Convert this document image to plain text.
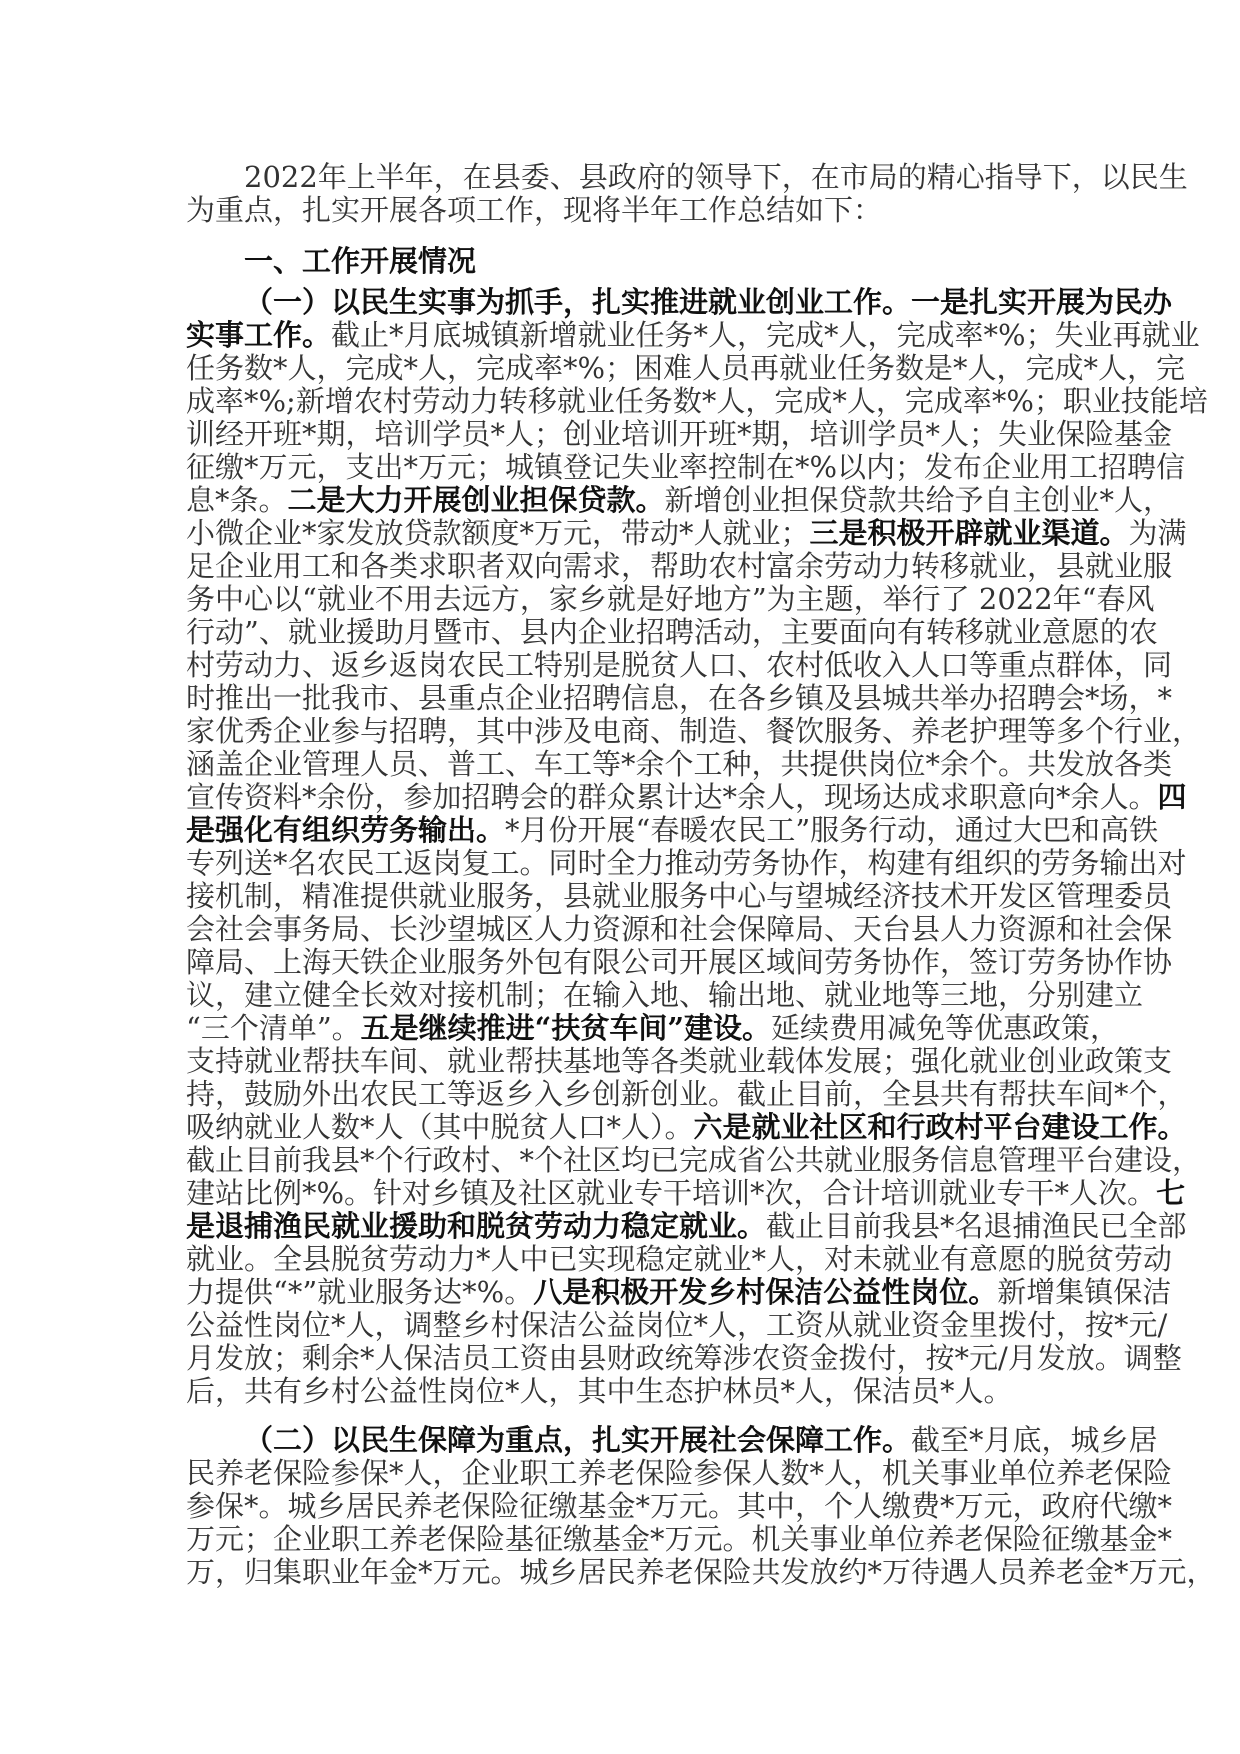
2022年上半年，在县委、县政府的领导下，在市局的精心指导下，以民生
为重点，扎实开展各项工作，现将半年工作总结如下：
一、工作开展情况
（一）以民生实事为抓手，扎实推进就业创业工作。一是扎实开展为民办
实事工作。截止*月底城镇新增就业任务*人，完成*人，完成率*%；失业再就业
任务数*人，完成*人，完成率*%；困难人员再就业任务数是*人，完成*人，完
成率*%;新增农村劳动力转移就业任务数*人，完成*人，完成率*%；职业技能培
训经开班*期，培训学员*人；创业培训开班*期，培训学员*人；失业保险基金
征缴*万元，支出*万元；城镇登记失业率控制在*%以内；发布企业用工招聘信
息*条。二是大力开展创业担保贷款。新增创业担保贷款共给予自主创业*人，
小微企业*家发放贷款额度*万元，带动*人就业；三是积极开辟就业渠道。为满
足企业用工和各类求职者双向需求，帮助农村富余劳动力转移就业，县就业服
务中心以“就业不用去远方，家乡就是好地方”为主题，举行了 2022年“春风
行动”、就业援助月暨市、县内企业招聘活动，主要面向有转移就业意愿的农
村劳动力、返乡返岗农民工特别是脱贫人口、农村低收入人口等重点群体，同
时推出一批我市、县重点企业招聘信息，在各乡镇及县城共举办招聘会*场，*
家优秀企业参与招聘，其中涉及电商、制造、餐饮服务、养老护理等多个行业，
涵盖企业管理人员、普工、车工等*余个工种，共提供岗位*余个。共发放各类
宣传资料*余份，参加招聘会的群众累计达*余人，现场达成求职意向*余人。四
是强化有组织劳务输出。*月份开展“春暖农民工”服务行动，通过大巴和高铁
专列送*名农民工返岗复工。同时全力推动劳务协作，构建有组织的劳务输出对
接机制，精准提供就业服务，县就业服务中心与望城经济技术开发区管理委员
会社会事务局、长沙望城区人力资源和社会保障局、天台县人力资源和社会保
障局、上海天铁企业服务外包有限公司开展区域间劳务协作，签订劳务协作协
议，建立健全长效对接机制；在输入地、输出地、就业地等三地，分别建立
“三个清单”。五是继续推进“扶贫车间”建设。延续费用减免等优惠政策，
支持就业帮扶车间、就业帮扶基地等各类就业载体发展；强化就业创业政策支
持，鼓励外出农民工等返乡入乡创新创业。截止目前，全县共有帮扶车间*个，
吸纳就业人数*人（其中脱贫人口*人）。六是就业社区和行政村平台建设工作。
截止目前我县*个行政村、*个社区均已完成省公共就业服务信息管理平台建设，
建站比例*%。针对乡镇及社区就业专干培训*次，合计培训就业专干*人次。七
是退捕渔民就业援助和脱贫劳动力稳定就业。截止目前我县*名退捕渔民已全部
就业。全县脱贫劳动力*人中已实现稳定就业*人，对未就业有意愿的脱贫劳动
力提供“*”就业服务达*%。八是积极开发乡村保洁公益性岗位。新增集镇保洁
公益性岗位*人，调整乡村保洁公益岗位*人，工资从就业资金里拨付，按*元/
月发放；剩余*人保洁员工资由县财政统筹涉农资金拨付，按*元/月发放。调整
后，共有乡村公益性岗位*人，其中生态护林员*人，保洁员*人。
（二）以民生保障为重点，扎实开展社会保障工作。截至*月底，城乡居
民养老保险参保*人，企业职工养老保险参保人数*人，机关事业单位养老保险
参保*。城乡居民养老保险征缴基金*万元。其中，个人缴费*万元，政府代缴*
万元；企业职工养老保险基征缴基金*万元。机关事业单位养老保险征缴基金*
万，归集职业年金*万元。城乡居民养老保险共发放约*万待遇人员养老金*万元，
